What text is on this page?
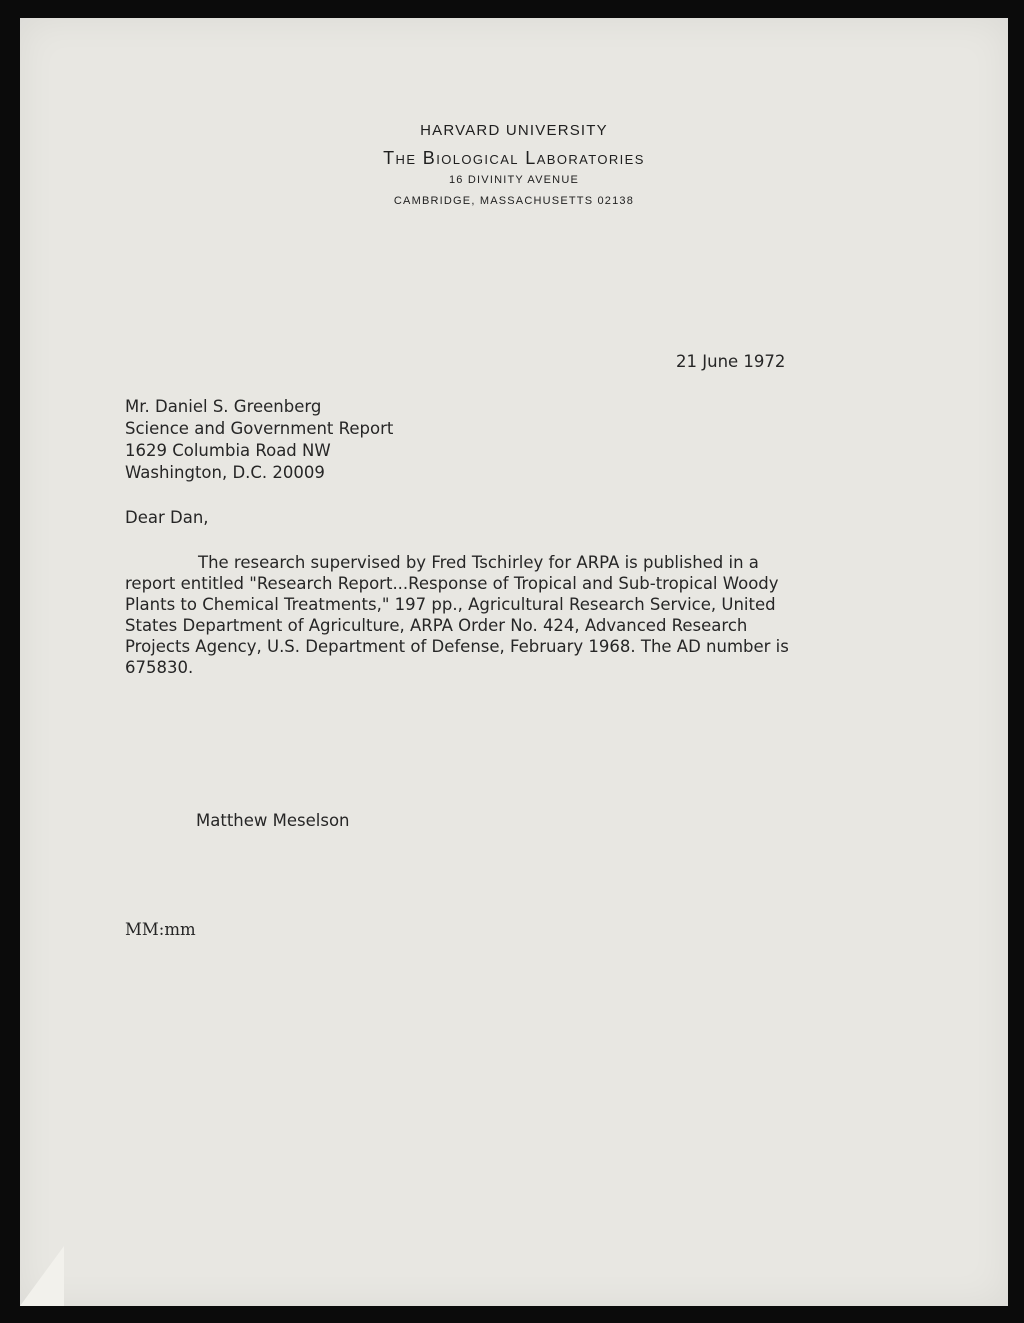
HARVARD UNIVERSITY
The Biological Laboratories
16 DIVINITY AVENUE
CAMBRIDGE, MASSACHUSETTS 02138
21 June 1972
Mr. Daniel S. Greenberg
Science and Government Report
1629 Columbia Road NW
Washington, D.C. 20009
Dear Dan,
The research supervised by Fred Tschirley for ARPA is published in a
report entitled "Research Report...Response of Tropical and Sub-tropical Woody
Plants to Chemical Treatments," 197 pp., Agricultural Research Service, United
States Department of Agriculture, ARPA Order No. 424, Advanced Research
Projects Agency, U.S. Department of Defense, February 1968. The AD number is
675830.
Matthew Meselson
MM:mm
